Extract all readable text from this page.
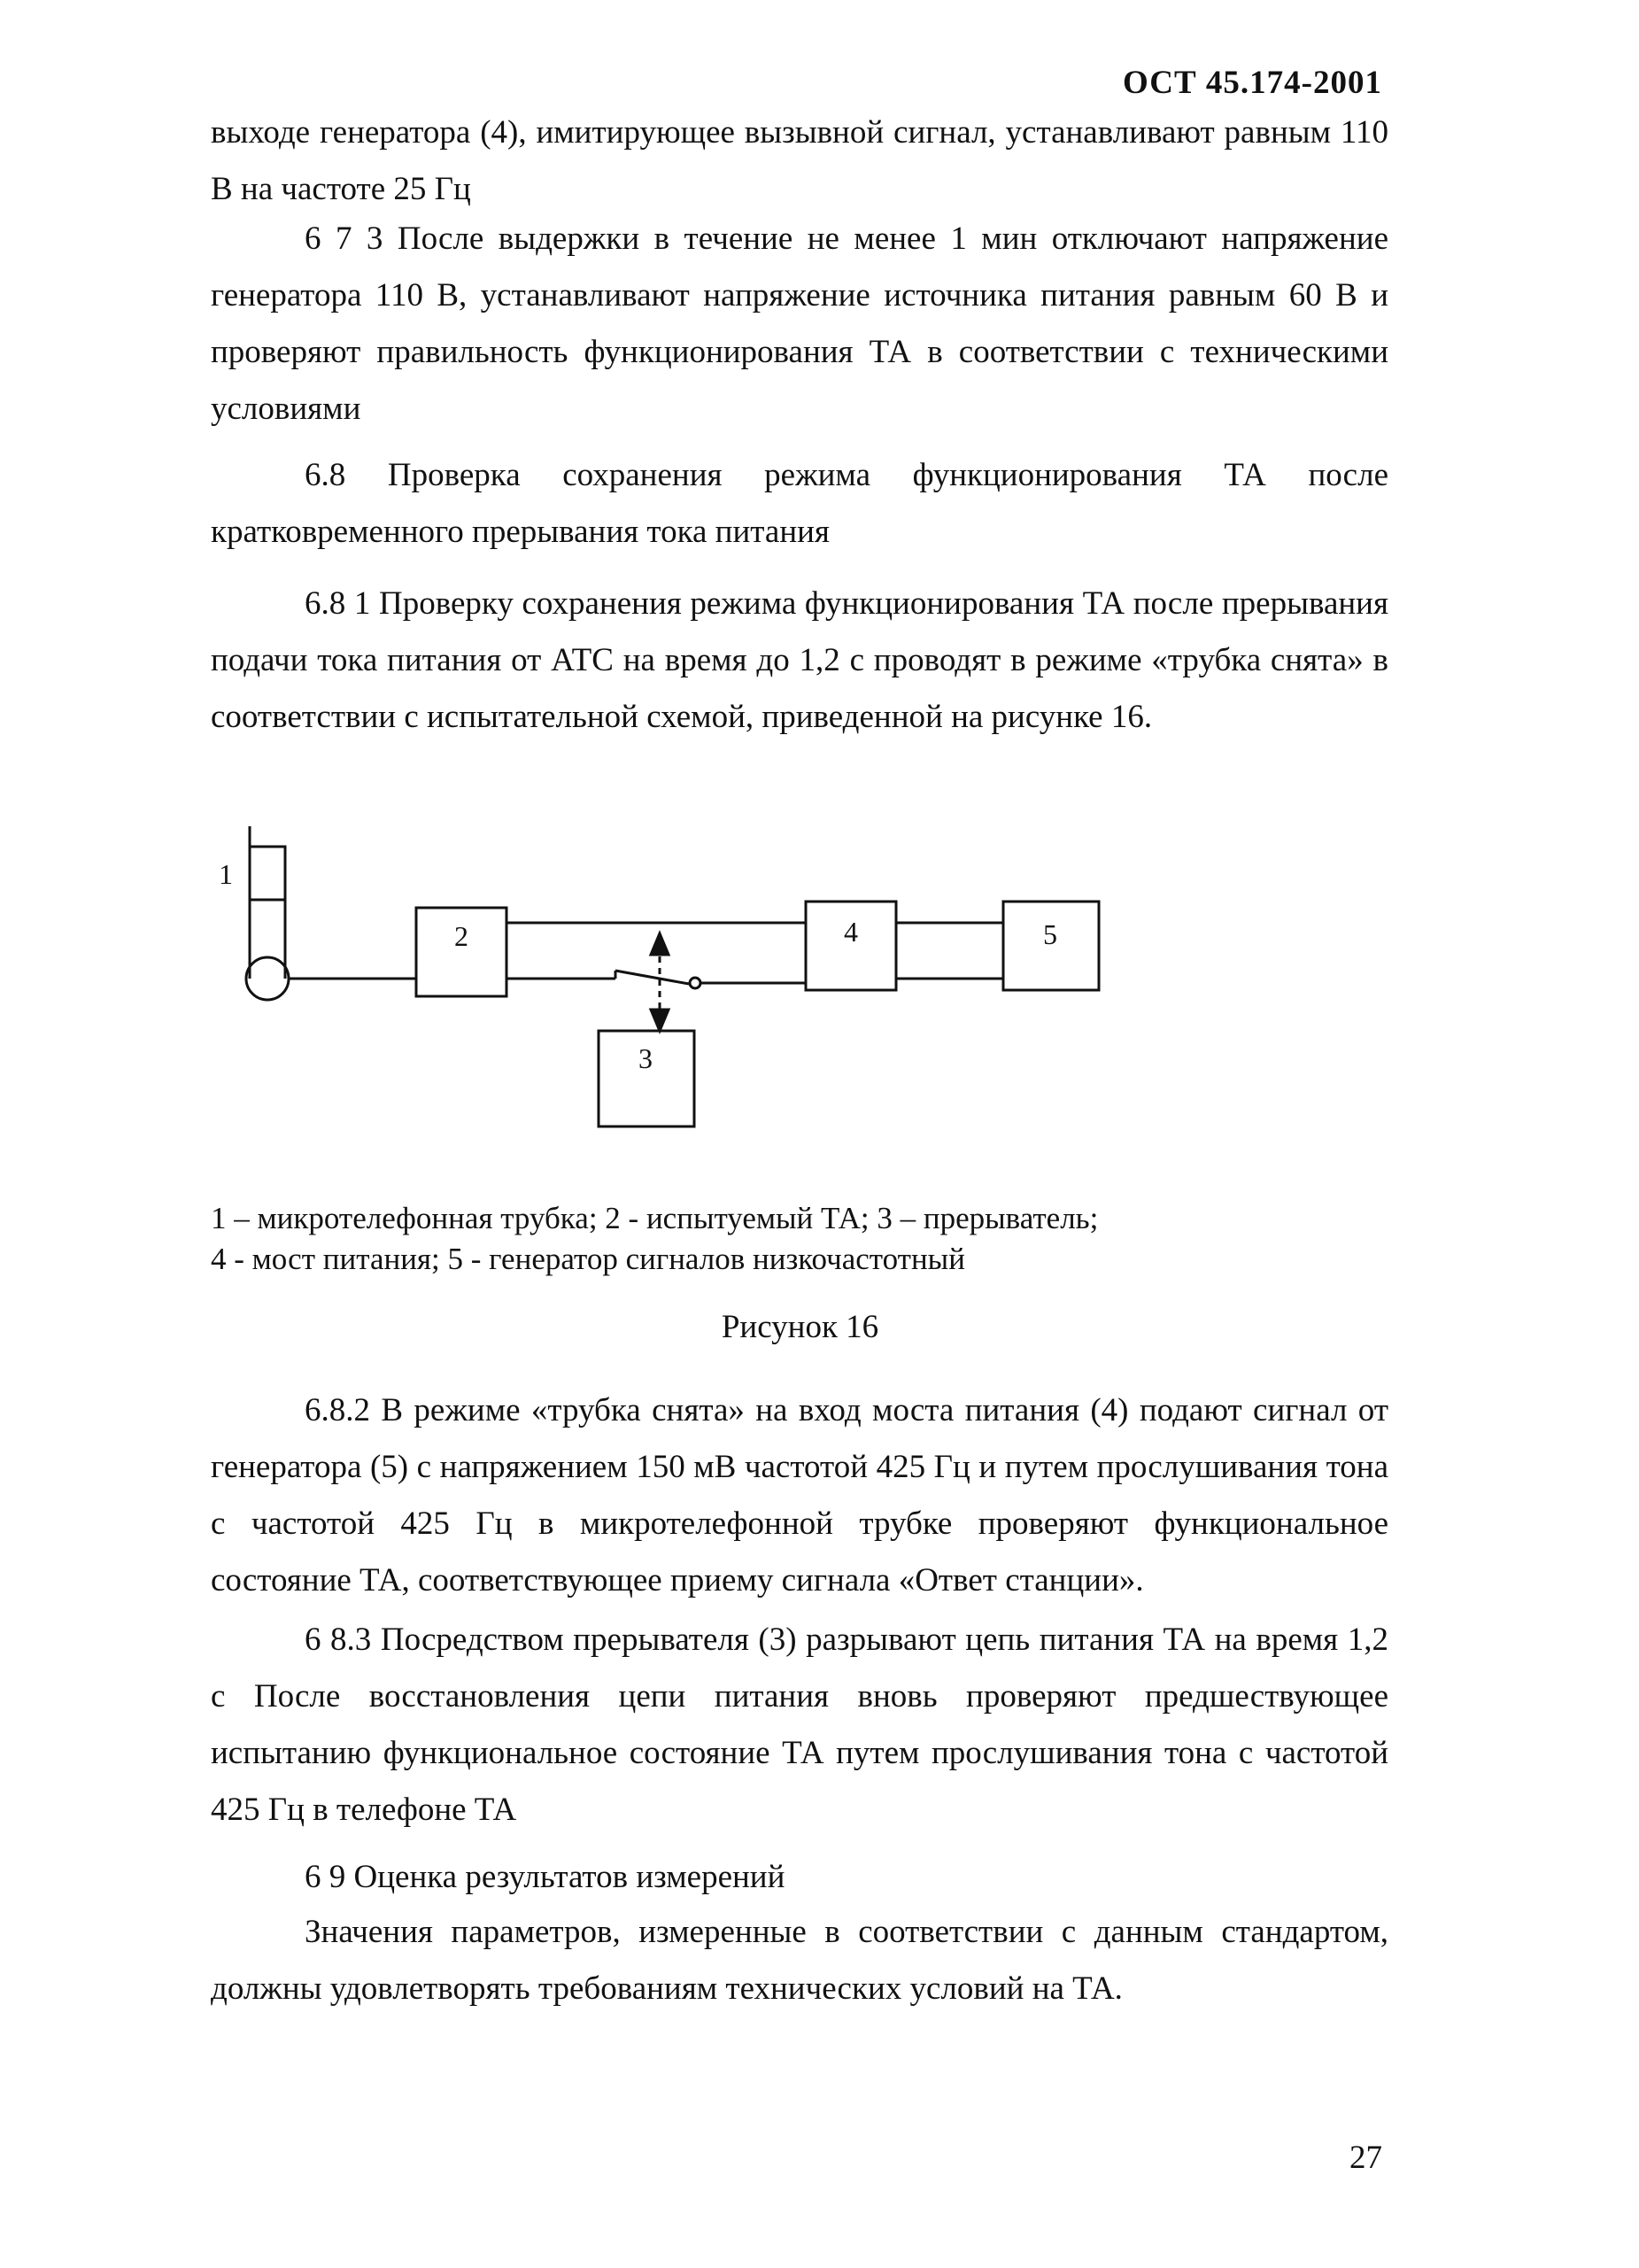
ОСТ 45.174-2001

выходе генератора (4), имитирующее вызывной сигнал, устанавливают равным 110 В на частоте 25 Гц

6 7 3 После выдержки в течение не менее 1 мин отключают напряжение генератора 110 В, устанавливают напряжение источника питания равным 60 В и проверяют правильность функционирования ТА в соответствии с техническими условиями

6.8 Проверка сохранения режима функционирования ТА после кратковременного прерывания тока питания

6.8 1 Проверку сохранения режима функционирования ТА после прерывания подачи тока питания от АТС на время до 1,2 с проводят в режиме «трубка снята» в соответствии с испытательной схемой, приведенной на рисунке 16.

1
2
3
4	5
1 – микротелефонная трубка; 2 - испытуемый ТА; 3 – прерыватель;
4 - мост питания; 5 - генератор сигналов низкочастотный
Рисунок 16

6.8.2 В режиме «трубка снята» на вход моста питания (4) подают сигнал от генератора (5) с напряжением 150 мВ частотой 425 Гц и путем прослушивания тона с частотой 425 Гц в микротелефонной трубке проверяют функциональное состояние ТА, соответствующее приему сигнала «Ответ станции».

6 8.3 Посредством прерывателя (3) разрывают цепь питания ТА на время 1,2 с После восстановления цепи питания вновь проверяют предшествующее испытанию функциональное состояние ТА путем прослушивания тона с частотой 425 Гц в телефоне ТА

6 9 Оценка результатов измерений

Значения параметров, измеренные в соответствии с данным стандартом, должны удовлетворять требованиям технических условий на ТА.

27
